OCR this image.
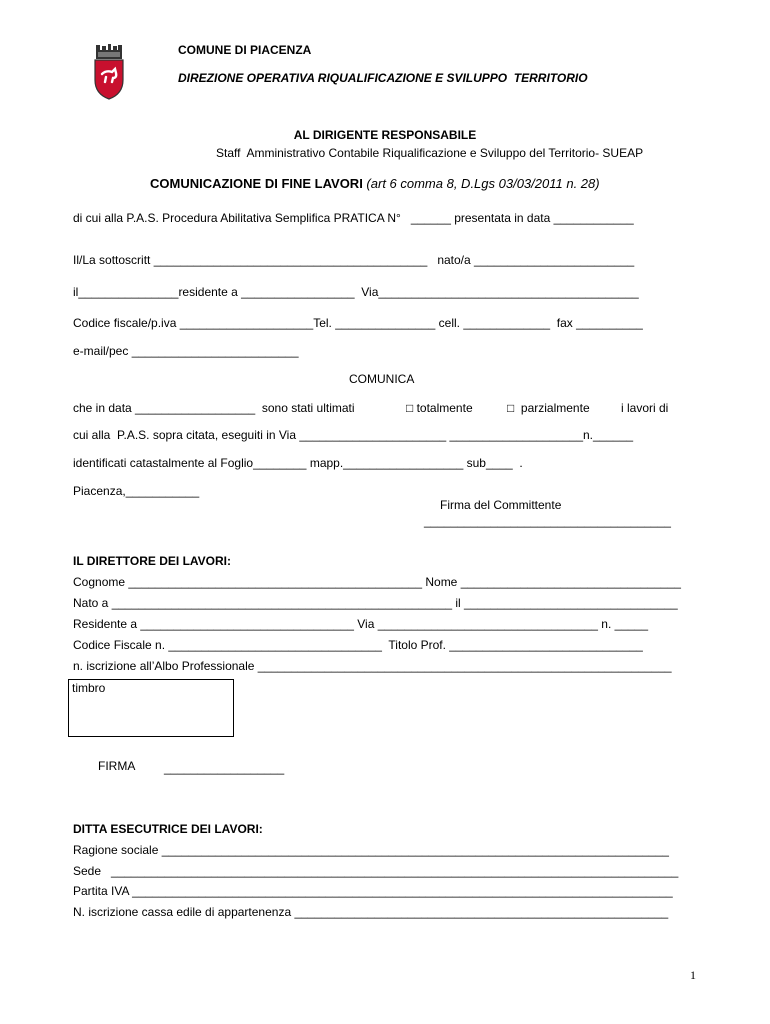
COMUNE DI PIACENZA
DIREZIONE OPERATIVA RIQUALIFICAZIONE E SVILUPPO  TERRITORIO
AL DIRIGENTE RESPONSABILE
Staff  Amministrativo Contabile Riqualificazione e Sviluppo del Territorio- SUEAP
COMUNICAZIONE DI FINE LAVORI (art 6 comma 8, D.Lgs 03/03/2011 n. 28)
di cui alla P.A.S. Procedura Abilitativa Semplifica PRATICA N°   ______ presentata in data ____________
Il/La sottoscritt _________________________________________   nato/a ________________________
il_______________residente a _________________  Via_______________________________________
Codice fiscale/p.iva ____________________Tel. _______________ cell. _____________  fax __________
e-mail/pec _________________________
COMUNICA
che in data __________________  sono stati ultimati	□ totalmente	□  parzialmente	i lavori di
cui alla  P.A.S. sopra citata, eseguiti in Via ______________________ ____________________n.______
identificati catastalmente al Foglio________ mapp.__________________ sub____  .
Piacenza,___________
Firma del Committente
_____________________________________
IL DIRETTORE DEI LAVORI:
Cognome ____________________________________________ Nome _________________________________
Nato a ___________________________________________________ il ________________________________
Residente a ________________________________ Via _________________________________ n. _____
Codice Fiscale n. ________________________________  Titolo Prof. _____________________________
n. iscrizione all’Albo Professionale ______________________________________________________________
timbro
FIRMA __________________
DITTA ESECUTRICE DEI LAVORI:
Ragione sociale ____________________________________________________________________________
Sede   _____________________________________________________________________________________
Partita IVA _________________________________________________________________________________
N. iscrizione cassa edile di appartenenza ________________________________________________________
1
